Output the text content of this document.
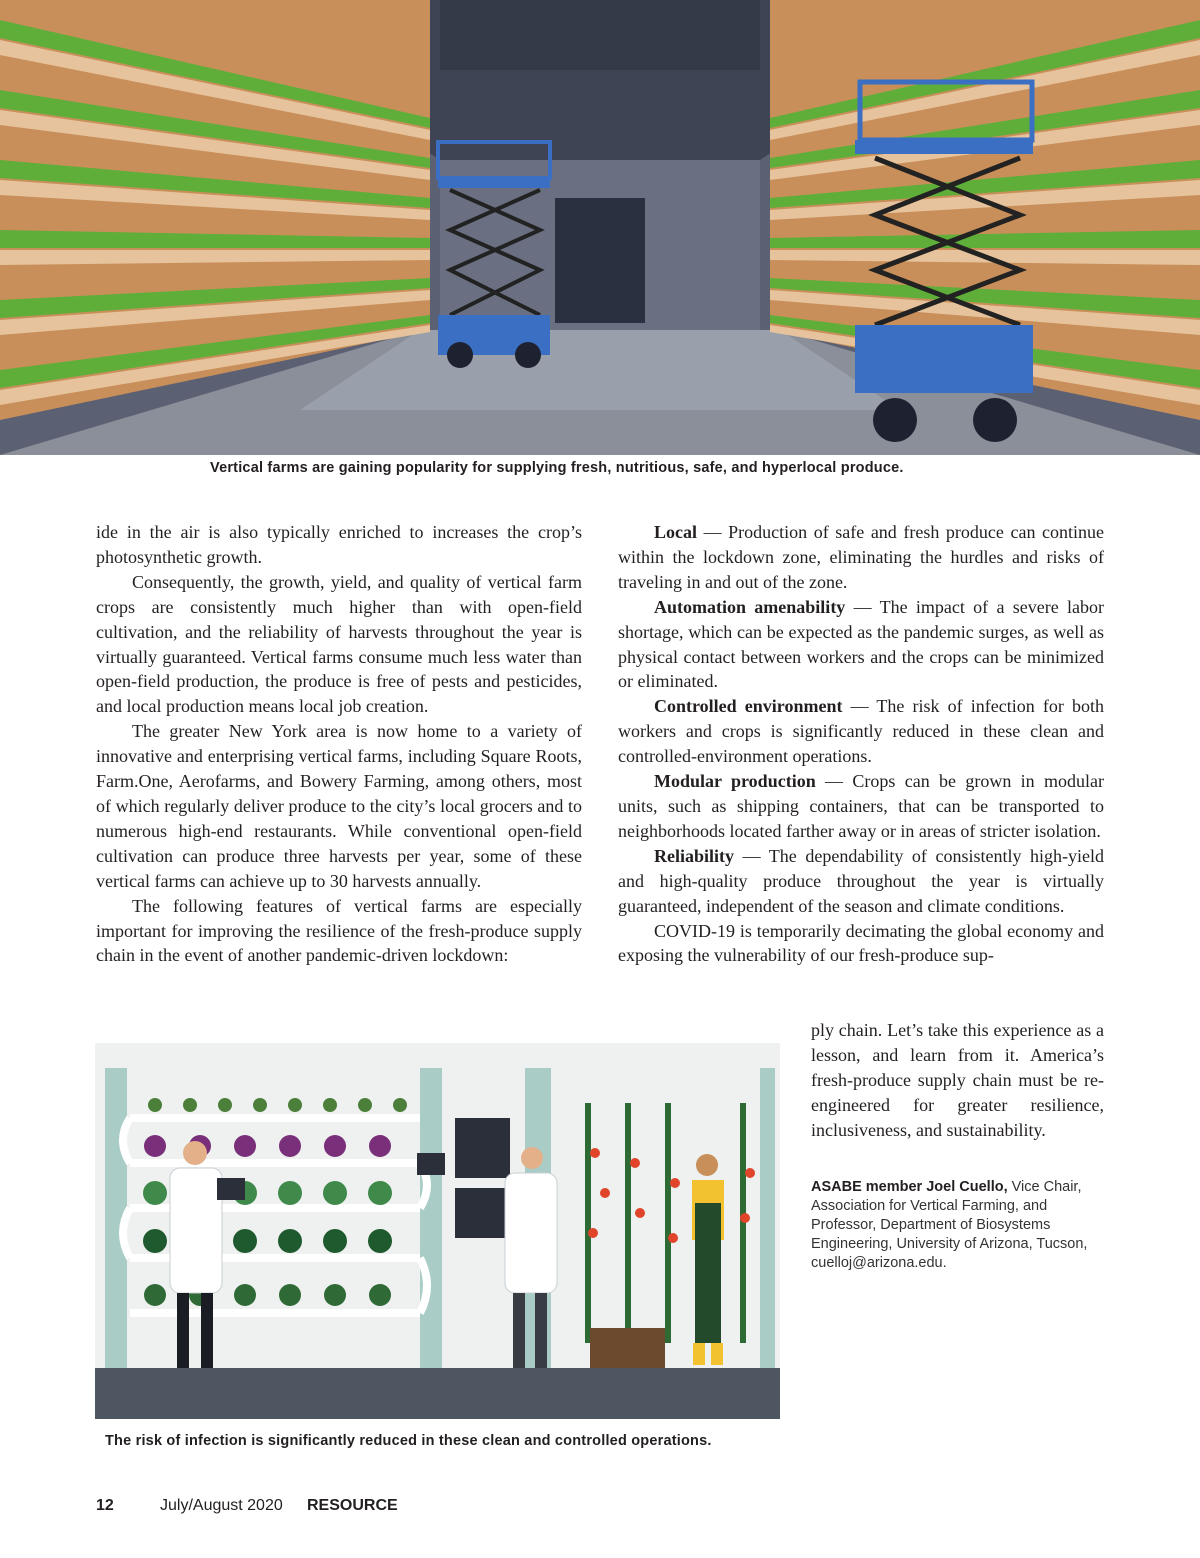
Vertical farms are gaining popularity for supplying fresh, nutritious, safe, and hyperlocal produce.

ide in the air is also typically enriched to increases the crop’s photosynthetic growth.

Consequently, the growth, yield, and quality of vertical farm crops are consistently much higher than with open-field cultivation, and the reliability of harvests throughout the year is virtually guaranteed. Vertical farms consume much less water than open-field production, the produce is free of pests and pesticides, and local production means local job creation.

The greater New York area is now home to a variety of innovative and enterprising vertical farms, including Square Roots, Farm.One, Aerofarms, and Bowery Farming, among others, most of which regularly deliver produce to the city’s local grocers and to numerous high-end restaurants. While conventional open-field cultivation can produce three harvests per year, some of these vertical farms can achieve up to 30 harvests annually.

The following features of vertical farms are especially important for improving the resilience of the fresh-produce supply chain in the event of another pandemic-driven lockdown:

Local — Production of safe and fresh produce can continue within the lockdown zone, eliminating the hurdles and risks of traveling in and out of the zone.

Automation amenability — The impact of a severe labor shortage, which can be expected as the pandemic surges, as well as physical contact between workers and the crops can be minimized or eliminated.

Controlled environment — The risk of infection for both workers and crops is significantly reduced in these clean and controlled-environment operations.

Modular production — Crops can be grown in modular units, such as shipping containers, that can be transported to neighborhoods located farther away or in areas of stricter isolation.

Reliability — The dependability of consistently high-yield and high-quality produce throughout the year is virtually guaranteed, independent of the season and climate conditions.

COVID-19 is temporarily decimating the global economy and exposing the vulnerability of our fresh-produce sup-

ply chain. Let’s take this experience as a lesson, and learn from it. America’s fresh-produce supply chain must be re-engineered for greater resilience, inclusiveness, and sustainability.
ASABE member Joel Cuello, Vice Chair, Association for Vertical Farming, and Professor, Department of Biosystems Engineering, University of Arizona, Tucson, cuelloj@arizona.edu.
The risk of infection is significantly reduced in these clean and controlled operations.
12	July/August 2020 RESOURCE
